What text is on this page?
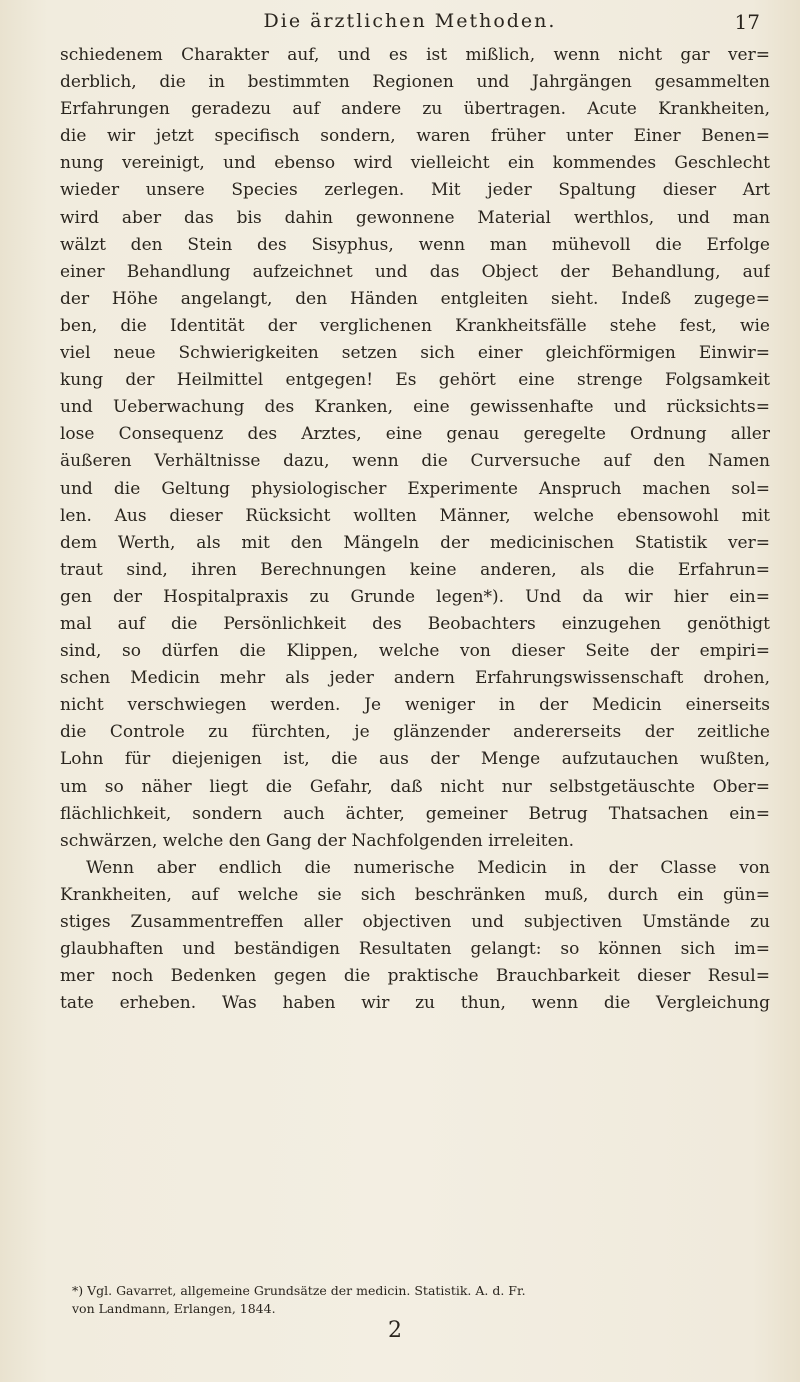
Die ärztlichen Methoden.	17
schiedenem Charakter auf, und es ist mißlich, wenn nicht gar ver=
derblich, die in bestimmten Regionen und Jahrgängen gesammelten
Erfahrungen geradezu auf andere zu übertragen. Acute Krankheiten,
die wir jetzt specifisch sondern, waren früher unter Einer Benen=
nung vereinigt, und ebenso wird vielleicht ein kommendes Geschlecht
wieder unsere Species zerlegen. Mit jeder Spaltung dieser Art
wird aber das bis dahin gewonnene Material werthlos, und man
wälzt den Stein des Sisyphus, wenn man mühevoll die Erfolge
einer Behandlung aufzeichnet und das Object der Behandlung, auf
der Höhe angelangt, den Händen entgleiten sieht. Indeß zugege=
ben, die Identität der verglichenen Krankheitsfälle stehe fest, wie
viel neue Schwierigkeiten setzen sich einer gleichförmigen Einwir=
kung der Heilmittel entgegen! Es gehört eine strenge Folgsamkeit
und Ueberwachung des Kranken, eine gewissenhafte und rücksichts=
lose Consequenz des Arztes, eine genau geregelte Ordnung aller
äußeren Verhältnisse dazu, wenn die Curversuche auf den Namen
und die Geltung physiologischer Experimente Anspruch machen sol=
len. Aus dieser Rücksicht wollten Männer, welche ebensowohl mit
dem Werth, als mit den Mängeln der medicinischen Statistik ver=
traut sind, ihren Berechnungen keine anderen, als die Erfahrun=
gen der Hospitalpraxis zu Grunde legen*). Und da wir hier ein=
mal auf die Persönlichkeit des Beobachters einzugehen genöthigt
sind, so dürfen die Klippen, welche von dieser Seite der empiri=
schen Medicin mehr als jeder andern Erfahrungswissenschaft drohen,
nicht verschwiegen werden. Je weniger in der Medicin einerseits
die Controle zu fürchten, je glänzender andererseits der zeitliche
Lohn für diejenigen ist, die aus der Menge aufzutauchen wußten,
um so näher liegt die Gefahr, daß nicht nur selbstgetäuschte Ober=
flächlichkeit, sondern auch ächter, gemeiner Betrug Thatsachen ein=
schwärzen, welche den Gang der Nachfolgenden irreleiten.
Wenn aber endlich die numerische Medicin in der Classe von
Krankheiten, auf welche sie sich beschränken muß, durch ein gün=
stiges Zusammentreffen aller objectiven und subjectiven Umstände zu
glaubhaften und beständigen Resultaten gelangt: so können sich im=
mer noch Bedenken gegen die praktische Brauchbarkeit dieser Resul=
tate erheben. Was haben wir zu thun, wenn die Vergleichung
*) Vgl. Gavarret, allgemeine Grundsätze der medicin. Statistik. A. d. Fr.
von Landmann, Erlangen, 1844.
2
